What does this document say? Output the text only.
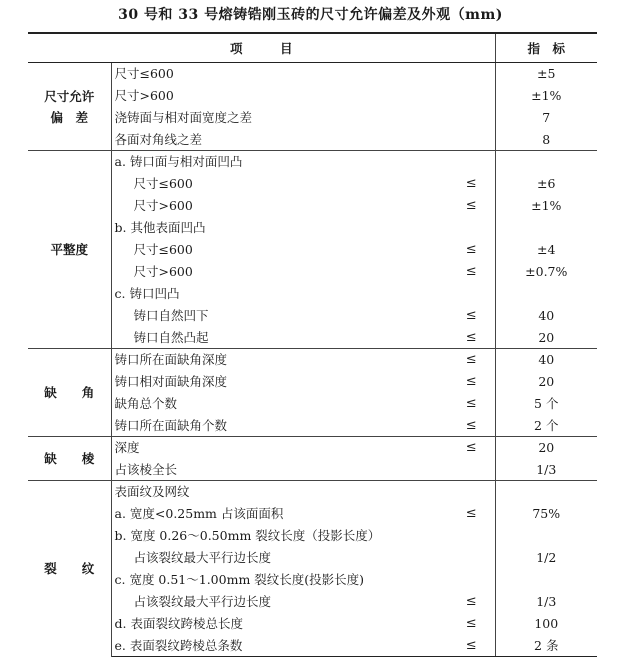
30 号和 33 号熔铸锆刚玉砖的尺寸允许偏差及外观（mm)
项　　　目			指　标
尺寸允许
偏　差	尺寸≤600		±5
	尺寸>600		±1%
	浇铸面与相对面宽度之差		7
	各面对角线之差		8
平整度	a. 铸口面与相对面凹凸		
	尺寸≤600	≤	±6
	尺寸>600	≤	±1%
	b. 其他表面凹凸		
	尺寸≤600	≤	±4
	尺寸>600	≤	±0.7%
	c. 铸口凹凸		
	铸口自然凹下	≤	40
	铸口自然凸起	≤	20
缺　　角	铸口所在面缺角深度	≤	40
	铸口相对面缺角深度	≤	20
	缺角总个数	≤	5 个
	铸口所在面缺角个数	≤	2 个
缺　　棱	深度	≤	20
	占该棱全长		1/3
裂　　纹	表面纹及网纹		
	a. 宽度<0.25mm 占该面面积	≤	75%
	b. 宽度 0.26～0.50mm 裂纹长度（投影长度）		
	占该裂纹最大平行边长度		1/2
	c. 宽度 0.51～1.00mm 裂纹长度(投影长度)		
	占该裂纹最大平行边长度	≤	1/3
	d. 表面裂纹跨棱总长度	≤	100
	e. 表面裂纹跨棱总条数	≤	2 条
